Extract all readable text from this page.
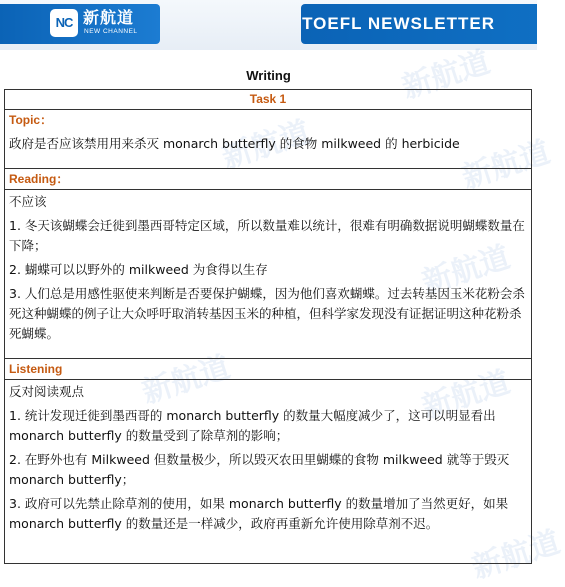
NC 新航道
NEW CHANNEL	TOEFL NEWSLETTER
新航道
新航道	新航道
新航道
新航道	新航道
新航道
Writing
Task 1
Topic：
政府是否应该禁用用来杀灭 monarch butterfly 的食物 milkweed 的 herbicide
Reading：
不应该
1. 冬天该蝴蝶会迁徙到墨西哥特定区域，所以数量难以统计，很难有明确数据说明蝴蝶数量在下降；
2. 蝴蝶可以以野外的 milkweed 为食得以生存
3. 人们总是用感性驱使来判断是否要保护蝴蝶，因为他们喜欢蝴蝶。过去转基因玉米花粉会杀死这种蝴蝶的例子让大众呼吁取消转基因玉米的种植，但科学家发现没有证据证明这种花粉杀死蝴蝶。
Listening
反对阅读观点
1. 统计发现迁徙到墨西哥的 monarch butterfly 的数量大幅度减少了，这可以明显看出 monarch butterfly 的数量受到了除草剂的影响；
2. 在野外也有 Milkweed 但数量极少，所以毁灭农田里蝴蝶的食物 milkweed 就等于毁灭 monarch butterfly；
3. 政府可以先禁止除草剂的使用，如果 monarch butterfly 的数量增加了当然更好，如果 monarch butterfly 的数量还是一样减少，政府再重新允许使用除草剂不迟。
